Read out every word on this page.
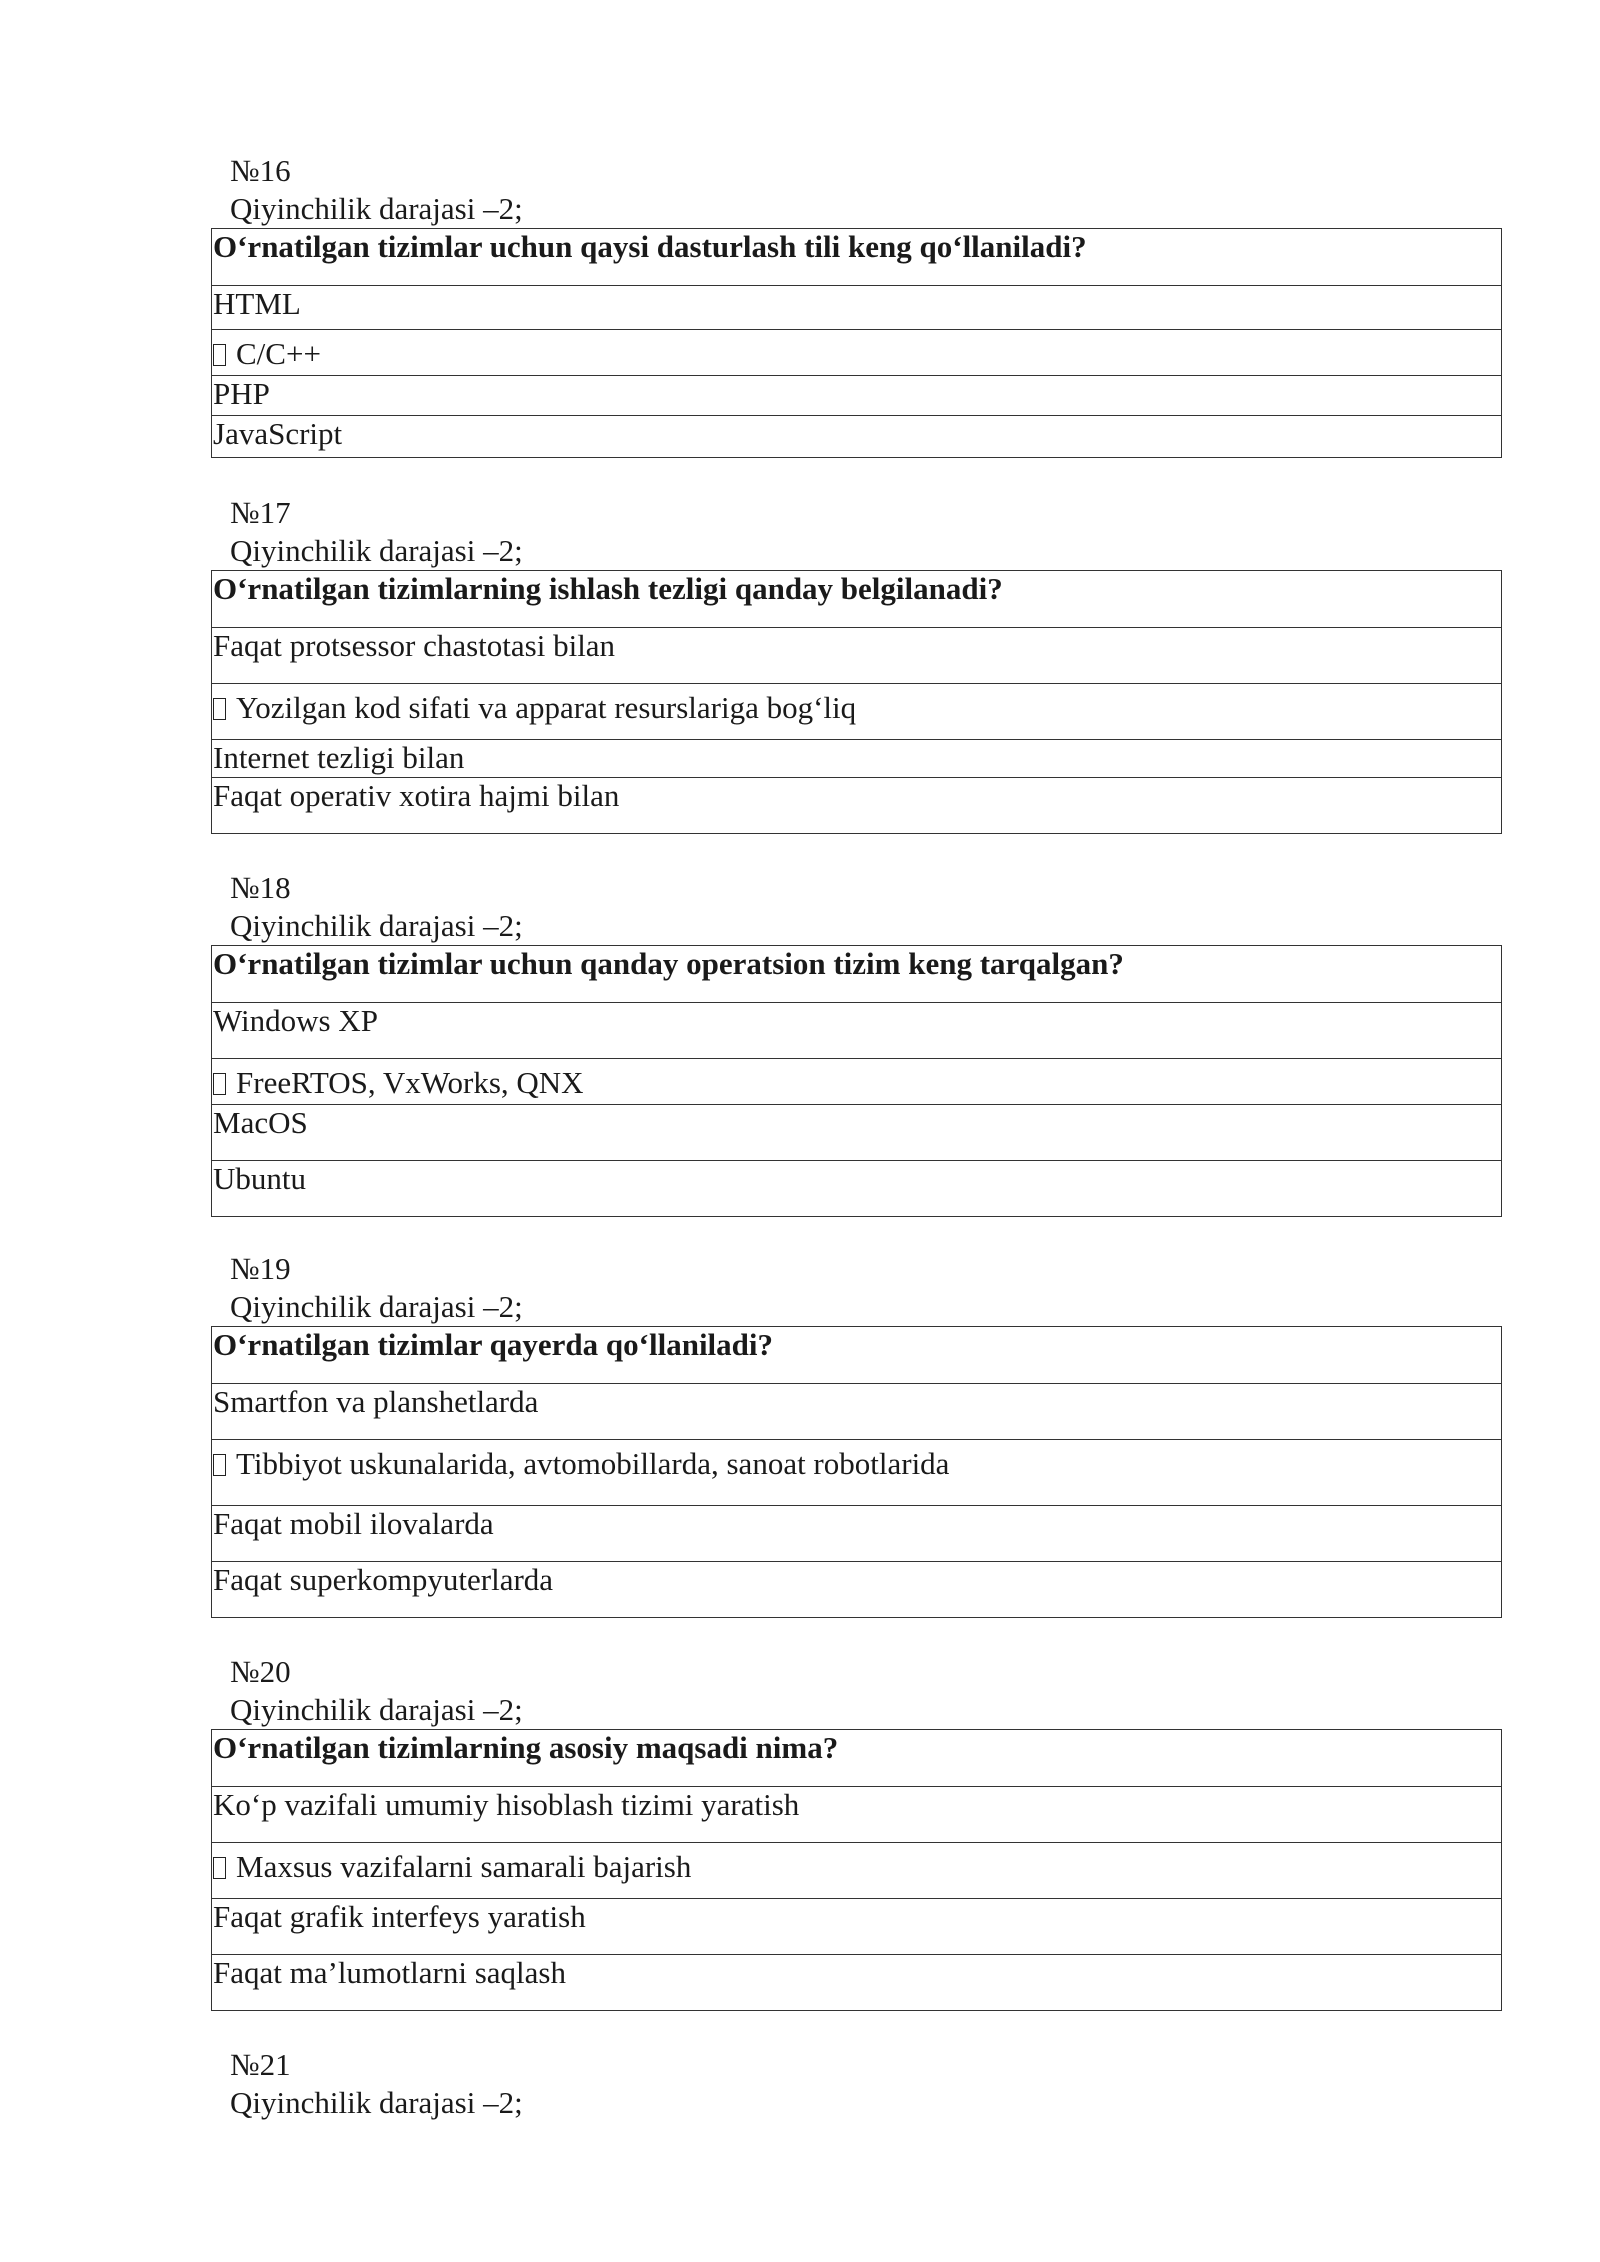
№16
Qiyinchilik darajasi –2;
O‘rnatilgan tizimlar uchun qaysi dasturlash tili keng qo‘llaniladi?
HTML
C/C++
PHP
JavaScript
№17
Qiyinchilik darajasi –2;
O‘rnatilgan tizimlarning ishlash tezligi qanday belgilanadi?
Faqat protsessor chastotasi bilan
Yozilgan kod sifati va apparat resurslariga bog‘liq
Internet tezligi bilan
Faqat operativ xotira hajmi bilan
№18
Qiyinchilik darajasi –2;
O‘rnatilgan tizimlar uchun qanday operatsion tizim keng tarqalgan?
Windows XP
FreeRTOS, VxWorks, QNX
MacOS
Ubuntu
№19
Qiyinchilik darajasi –2;
O‘rnatilgan tizimlar qayerda qo‘llaniladi?
Smartfon va planshetlarda
Tibbiyot uskunalarida, avtomobillarda, sanoat robotlarida
Faqat mobil ilovalarda
Faqat superkompyuterlarda
№20
Qiyinchilik darajasi –2;
O‘rnatilgan tizimlarning asosiy maqsadi nima?
Ko‘p vazifali umumiy hisoblash tizimi yaratish
Maxsus vazifalarni samarali bajarish
Faqat grafik interfeys yaratish
Faqat ma’lumotlarni saqlash
№21
Qiyinchilik darajasi –2;
